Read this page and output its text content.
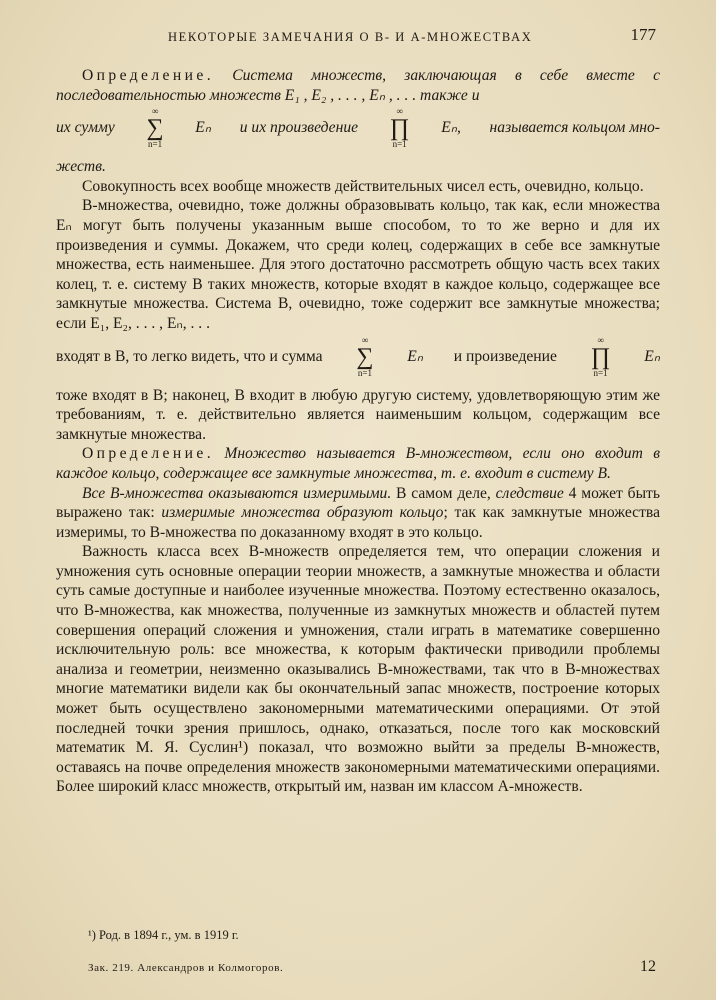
НЕКОТОРЫЕ ЗАМЕЧАНИЯ О B- И A-МНОЖЕСТВАХ	177

Определение. Система множеств, заключающая в себе вместе с последовательностью множеств E₁ , E₂ , . . . , Eₙ , . . . также и

их сумму
∞
∑
n=1
Eₙ и их произведение
∞
∏
n=1
Eₙ, называется кольцом мно-

жеств.

Совокупность всех вообще множеств действительных чисел есть, очевидно, кольцо.

B-множества, очевидно, тоже должны образовывать кольцо, так как, если множества Eₙ могут быть получены указанным выше способом, то то же верно и для их произведения и суммы. Докажем, что среди колец, содержащих в себе все замкнутые множества, есть наименьшее. Для этого достаточно рассмотреть общую часть всех таких колец, т. е. систему B таких множеств, которые входят в каждое кольцо, содержащее все замкнутые множества. Система B, очевидно, тоже содержит все замкнутые множества; если E₁, E₂, . . . , Eₙ, . . .

входят в B, то легко видеть, что и сумма
∞
∑
n=1
Eₙ и произведение
∞
∏
n=1
Eₙ

тоже входят в B; наконец, B входит в любую другую систему, удовлетворяющую этим же требованиям, т. е. действительно является наименьшим кольцом, содержащим все замкнутые множества.

Определение. Множество называется B-множеством, если оно входит в каждое кольцо, содержащее все замкнутые множества, т. е. входит в систему B.

Все B-множества оказываются измеримыми. В самом деле, следствие 4 может быть выражено так: измеримые множества образуют кольцо; так как замкнутые множества измеримы, то B-множества по доказанному входят в это кольцо.

Важность класса всех B-множеств определяется тем, что операции сложения и умножения суть основные операции теории множеств, а замкнутые множества и области суть самые доступные и наиболее изученные множества. Поэтому естественно оказалось, что B-множества, как множества, полученные из замкнутых множеств и областей путем совершения операций сложения и умножения, стали играть в математике совершенно исключительную роль: все множества, к которым фактически приводили проблемы анализа и геометрии, неизменно оказывались B-множествами, так что в B-множествах многие математики видели как бы окончательный запас множеств, построение которых может быть осуществлено закономерными математическими операциями. От этой последней точки зрения пришлось, однако, отказаться, после того как московский математик М. Я. Суслин¹) показал, что возможно выйти за пределы B-множеств, оставаясь на почве определения множеств закономерными математическими операциями. Более широкий класс множеств, открытый им, назван им классом A-множеств.

¹) Род. в 1894 г., ум. в 1919 г.
Зак. 219. Александров и Колмогоров.	12
